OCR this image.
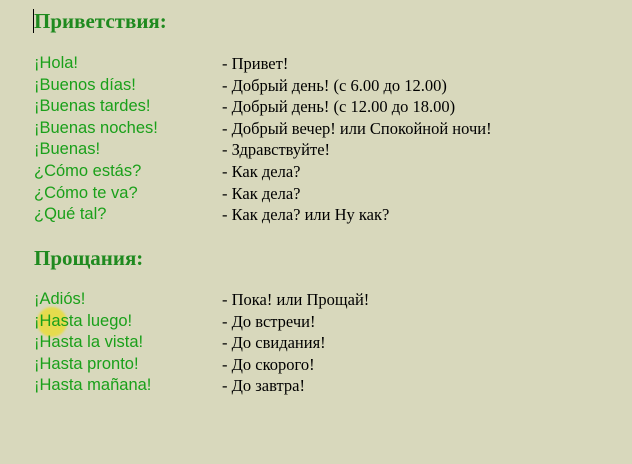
Приветствия:
¡Hola!	- Привет!
¡Buenos días!	- Добрый день! (с 6.00 до 12.00)
¡Buenas tardes!	- Добрый день! (с 12.00 до 18.00)
¡Buenas noches!	- Добрый вечер! или Спокойной ночи!
¡Buenas!	- Здравствуйте!
¿Cómo estás?	- Как дела?
¿Cómo te va?	- Как дела?
¿Qué tal?	- Как дела? или Ну как?
Прощания:
¡Adiós!	- Пока! или Прощай!
¡Hasta luego!	- До встречи!
¡Hasta la vista!	- До свидания!
¡Hasta pronto!	- До скорого!
¡Hasta mañana!	- До завтра!
